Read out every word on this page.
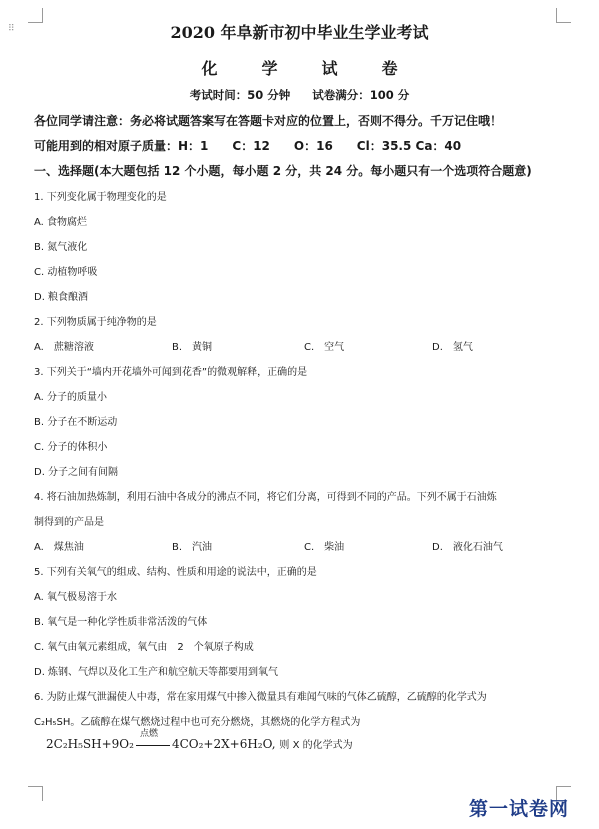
⠿	2020 年阜新市初中毕业生学业考试
化	学	试	卷
考试时间：50 分钟 试卷满分：100 分
各位同学请注意：务必将试题答案写在答题卡对应的位置上，否则不得分。千万记住哦！
可能用到的相对原子质量：H：1　　C：12　　O：16　　Cl：35.5 Ca：40
一、选择题(本大题包括 12 个小题，每小题 2 分，共 24 分。每小题只有一个选项符合题意)
1. 下列变化属于物理变化的是
A. 食物腐烂
B. 氮气液化
C. 动植物呼吸
D. 粮食酿酒
2. 下列物质属于纯净物的是
A.　蔗糖溶液	B.　黄铜	C.　空气	D.　氢气
3. 下列关于“墙内开花墙外可闻到花香”的微观解释，正确的是
A. 分子的质量小
B. 分子在不断运动
C. 分子的体积小
D. 分子之间有间隔
4. 将石油加热炼制，利用石油中各成分的沸点不同，将它们分离，可得到不同的产品。下列不属于石油炼
制得到的产品是
A.　煤焦油	B.　汽油	C.　柴油	D.　液化石油气
5. 下列有关氧气的组成、结构、性质和用途的说法中，正确的是
A. 氧气极易溶于水
B. 氧气是一种化学性质非常活泼的气体
C. 氧气由氧元素组成，氧气由　2　个氧原子构成
D. 炼钢、气焊以及化工生产和航空航天等都要用到氧气
6. 为防止煤气泄漏使人中毒，常在家用煤气中掺入微量具有难闻气味的气体乙硫醇，乙硫醇的化学式为
C₂H₅SH。乙硫醇在煤气燃烧过程中也可充分燃烧，其燃烧的化学方程式为
2C₂H₅SH+9O₂
点燃
4CO₂+2X+6H₂O, 则 X 的化学式为
第一试卷网
